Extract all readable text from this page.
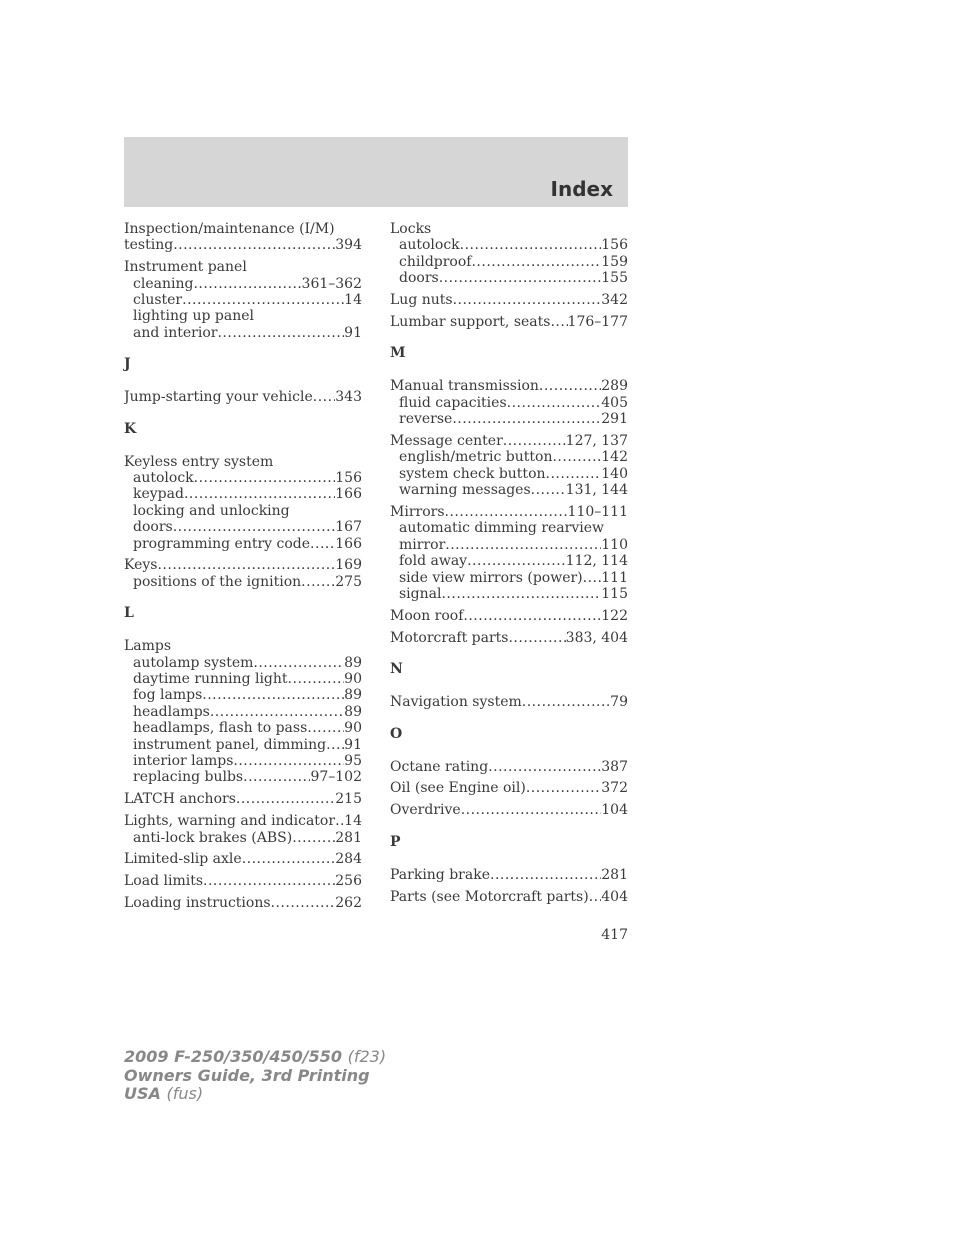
Index
Inspection/maintenance (I/M)
testing .....	394
Instrument panel
cleaning .....	361–362
cluster .....	14
lighting up panel
and interior .....	91
J
Jump-starting your vehicle ..... 343
K
Keyless entry system
autolock .....	156
keypad .....	166
locking and unlocking
doors .....	167
programming entry code ..... 166
Keys .....	169
positions of the ignition ..... 275
L
Lamps
autolamp system .....	89
daytime running light .....	90
fog lamps .....	89
headlamps .....	89
headlamps, flash to pass .....	90
instrument panel, dimming ..... 91
interior lamps .....	95
replacing bulbs .....	97–102
LATCH anchors .....	215
Lights, warning and indicator ..... 14
anti-lock brakes (ABS) .....	281
Limited-slip axle .....	284
Load limits .....	256
Loading instructions .....	262
Locks
autolock .....	156
childproof .....	159
doors .....	155
Lug nuts .....	342
Lumbar support, seats ..... 176–177
M
Manual transmission .....	289
fluid capacities .....	405
reverse .....	291
Message center .....	127, 137
english/metric button .....	142
system check button .....	140
warning messages .....	131, 144
Mirrors .....	110–111
automatic dimming rearview
mirror .....	110
fold away .....	112, 114
side view mirrors (power) ..... 111
signal .....	115
Moon roof .....	122
Motorcraft parts .....	383, 404
N
Navigation system .....	79
O
Octane rating .....	387
Oil (see Engine oil) .....	372
Overdrive .....	104
P
Parking brake .....	281
Parts (see Motorcraft parts) ..... 404
417
2009 F-250/350/450/550 (f23)
Owners Guide, 3rd Printing
USA (fus)
